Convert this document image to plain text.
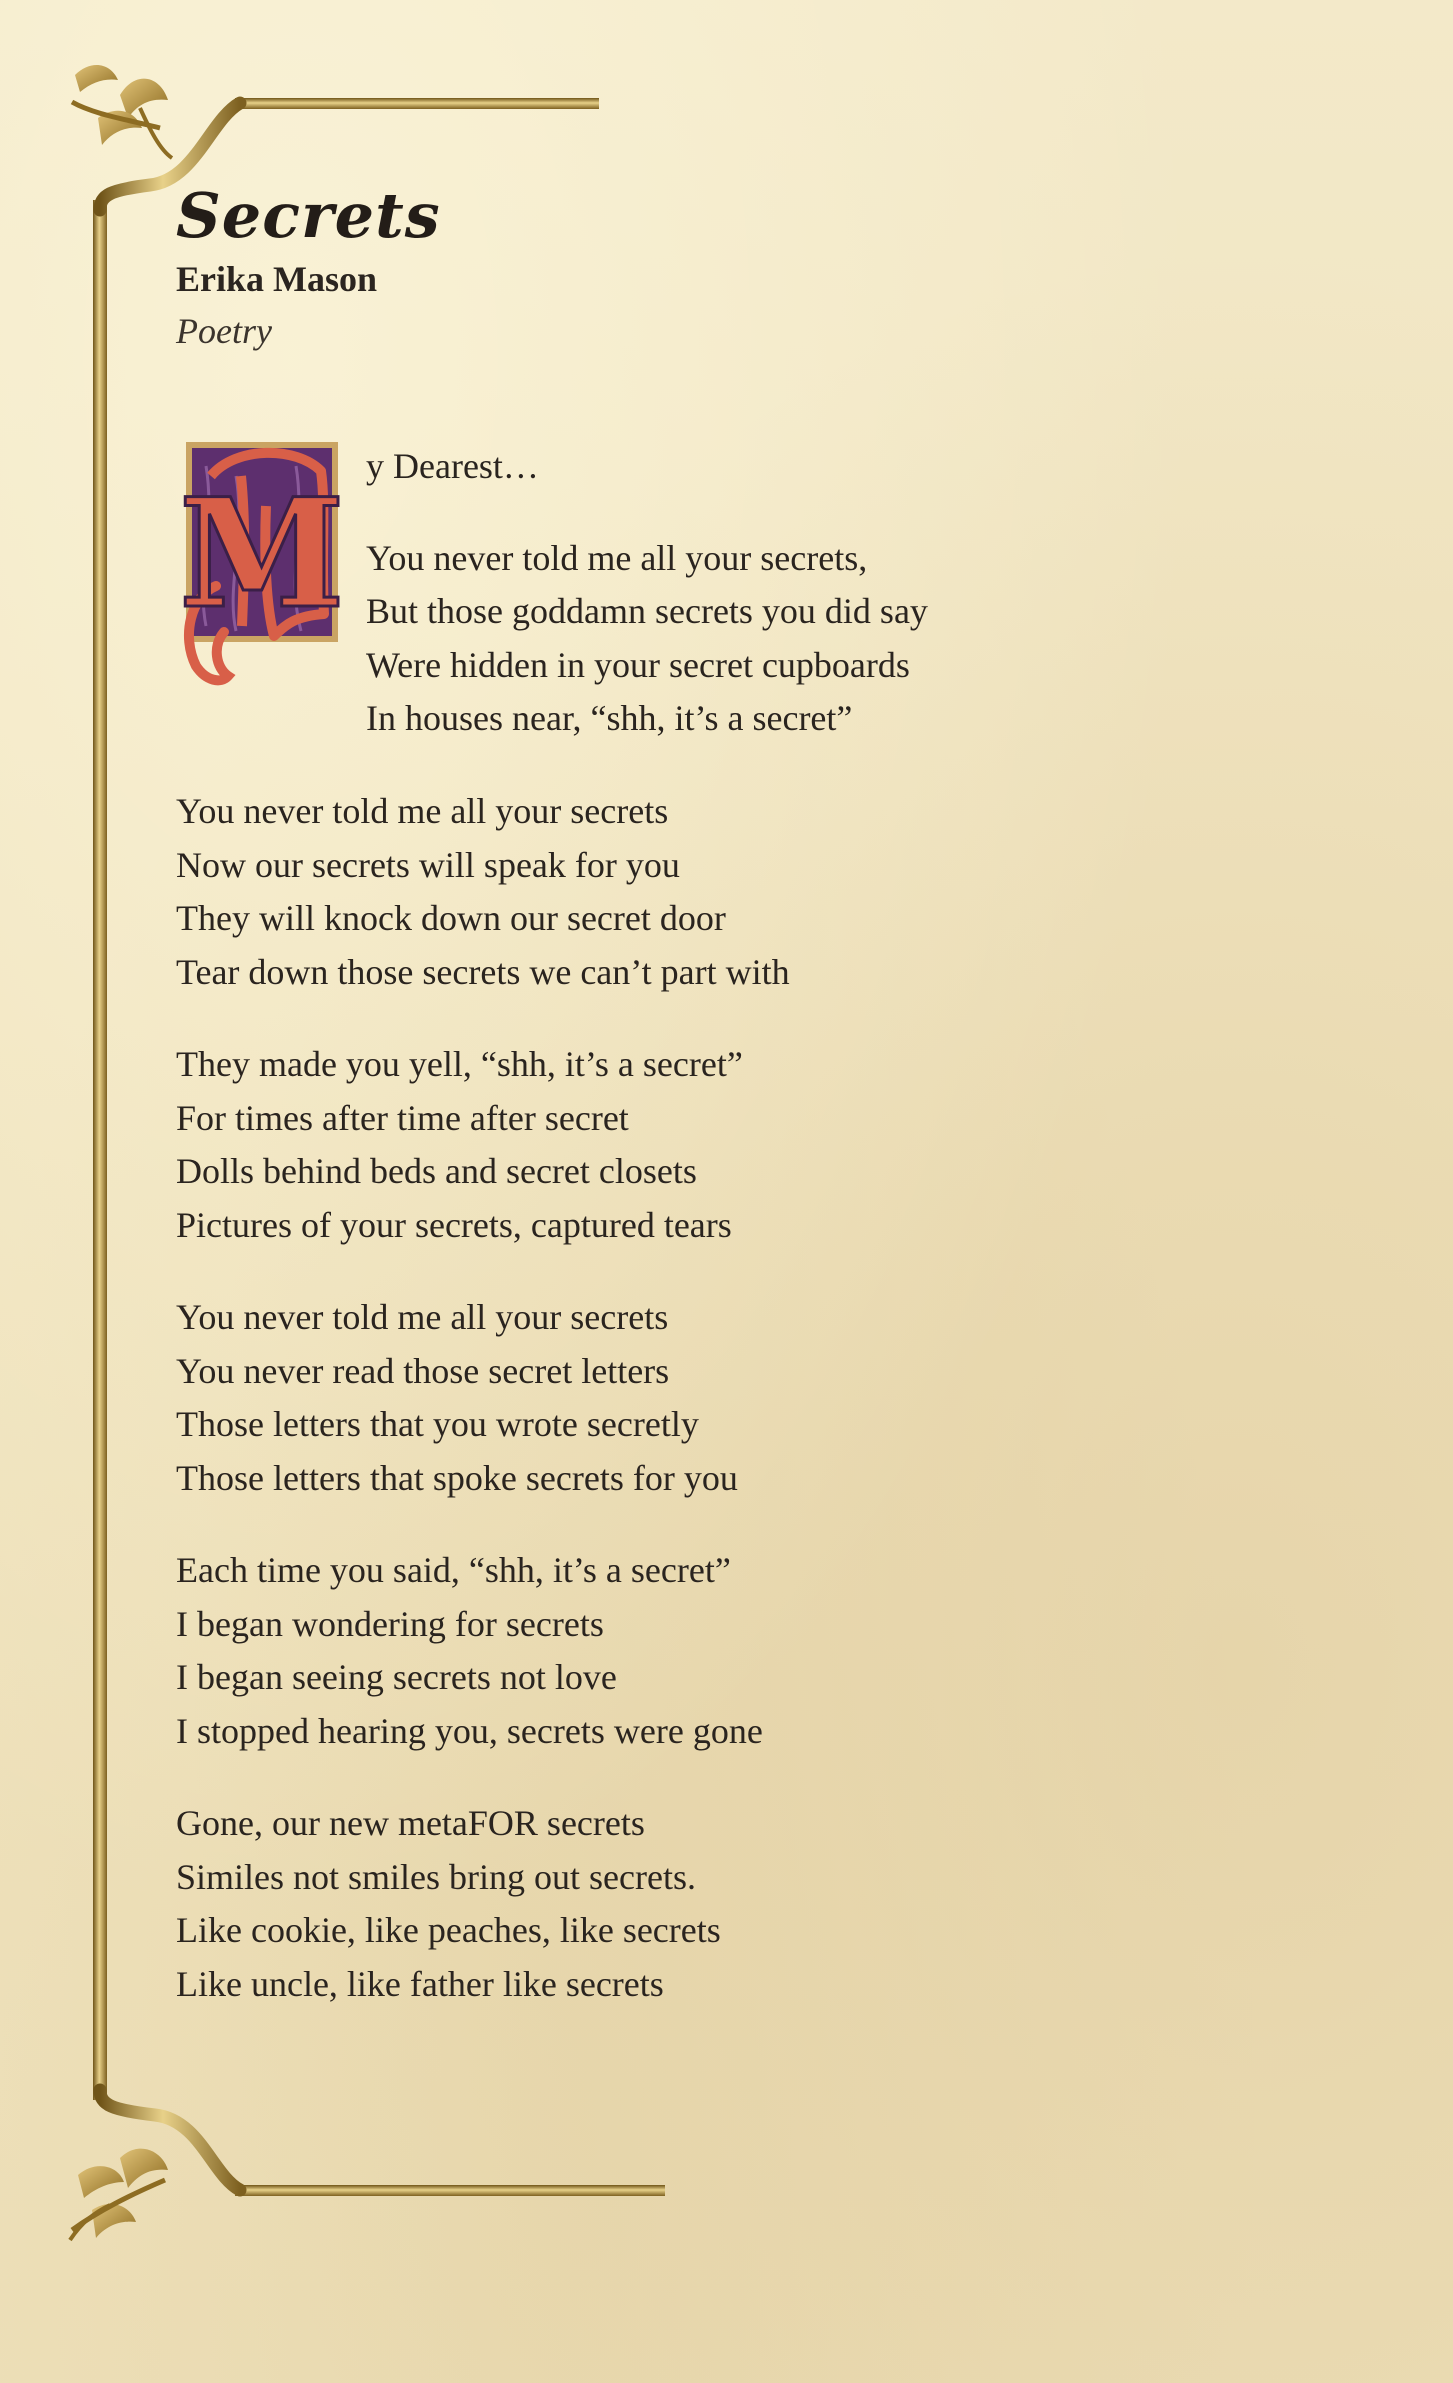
Secrets
Erika Mason
Poetry
M y Dearest…
You never told me all your secrets,
But those goddamn secrets you did say
Were hidden in your secret cupboards
In houses near, “shh, it’s a secret”
You never told me all your secrets
Now our secrets will speak for you
They will knock down our secret door
Tear down those secrets we can’t part with
They made you yell, “shh, it’s a secret”
For times after time after secret
Dolls behind beds and secret closets
Pictures of your secrets, captured tears
You never told me all your secrets
You never read those secret letters
Those letters that you wrote secretly
Those letters that spoke secrets for you
Each time you said, “shh, it’s a secret”
I began wondering for secrets
I began seeing secrets not love
I stopped hearing you, secrets were gone
Gone, our new metaFOR secrets
Similes not smiles bring out secrets.
Like cookie, like peaches, like secrets
Like uncle, like father like secrets
